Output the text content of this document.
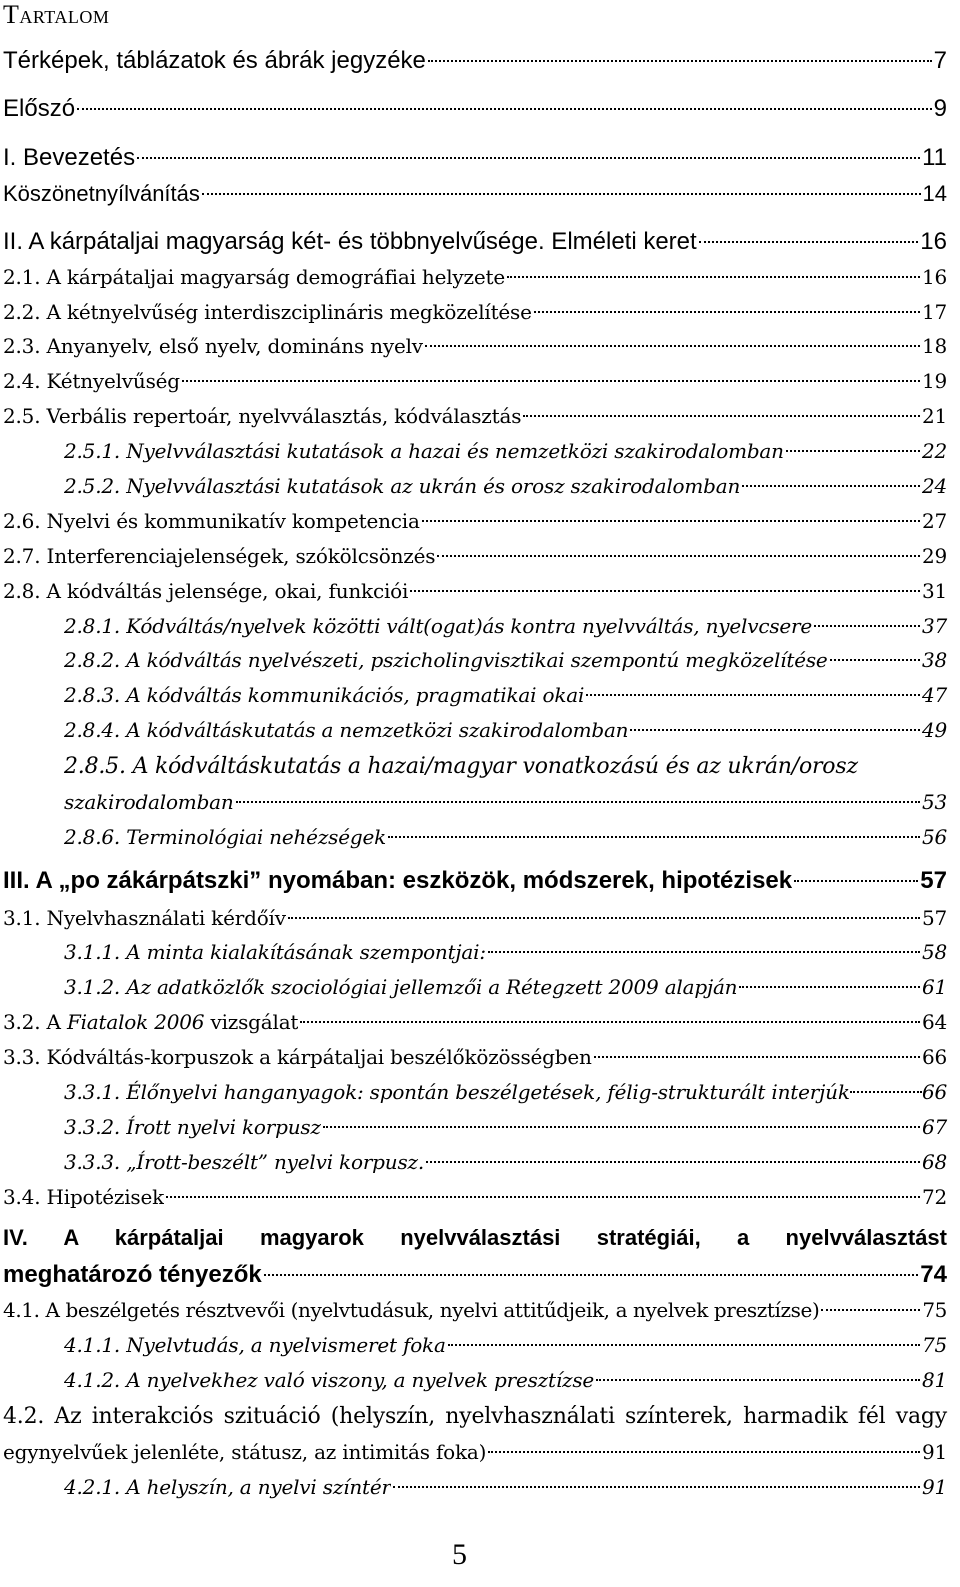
Tartalom
Térképek, táblázatok és ábrák jegyzéke	7
Előszó	9
I. Bevezetés	11
Köszönetnyílvánítás	14
II. A kárpátaljai magyarság két- és többnyelvűsége. Elméleti keret	16
2.1. A kárpátaljai magyarság demográfiai helyzete	16
2.2. A kétnyelvűség interdiszciplináris megközelítése	17
2.3. Anyanyelv, első nyelv, domináns nyelv	18
2.4. Kétnyelvűség	19
2.5. Verbális repertoár, nyelvválasztás, kódválasztás	21
2.5.1. Nyelvválasztási kutatások a hazai és nemzetközi szakirodalomban	22
2.5.2. Nyelvválasztási kutatások az ukrán és orosz szakirodalomban	24
2.6. Nyelvi és kommunikatív kompetencia	27
2.7. Interferenciajelenségek, szókölcsönzés	29
2.8. A kódváltás jelensége, okai, funkciói	31
2.8.1. Kódváltás/nyelvek közötti vált(ogat)ás kontra nyelvváltás, nyelvcsere	37
2.8.2. A kódváltás nyelvészeti, pszicholingvisztikai szempontú megközelítése	38
2.8.3. A kódváltás kommunikációs, pragmatikai okai	47
2.8.4. A kódváltáskutatás a nemzetközi szakirodalomban	49
2.8.5. A kódváltáskutatás a hazai/magyar vonatkozású és az ukrán/orosz
szakirodalomban	53
2.8.6. Terminológiai nehézségek	56
III. A „po zákárpátszki” nyomában: eszközök, módszerek, hipotézisek	57
3.1. Nyelvhasználati kérdőív	57
3.1.1. A minta kialakításának szempontjai:	58
3.1.2. Az adatközlők szociológiai jellemzői a Rétegzett 2009 alapján	61
3.2. A Fiatalok 2006 vizsgálat	64
3.3. Kódváltás-korpuszok a kárpátaljai beszélőközösségben	66
3.3.1. Élőnyelvi hanganyagok: spontán beszélgetések, félig-strukturált interjúk	66
3.3.2. Írott nyelvi korpusz	67
3.3.3. „Írott-beszélt” nyelvi korpusz.	68
3.4. Hipotézisek	72
IV. A kárpátaljai magyarok nyelvválasztási stratégiái, a nyelvválasztást
meghatározó tényezők	74
4.1. A beszélgetés résztvevői (nyelvtudásuk, nyelvi attitűdjeik, a nyelvek presztízse)	75
4.1.1. Nyelvtudás, a nyelvismeret foka	75
4.1.2. A nyelvekhez való viszony, a nyelvek presztízse	81
4.2. Az interakciós szituáció (helyszín, nyelvhasználati színterek, harmadik fél vagy
egynyelvűek jelenléte, státusz, az intimitás foka)	91
4.2.1. A helyszín, a nyelvi színtér	91
5
